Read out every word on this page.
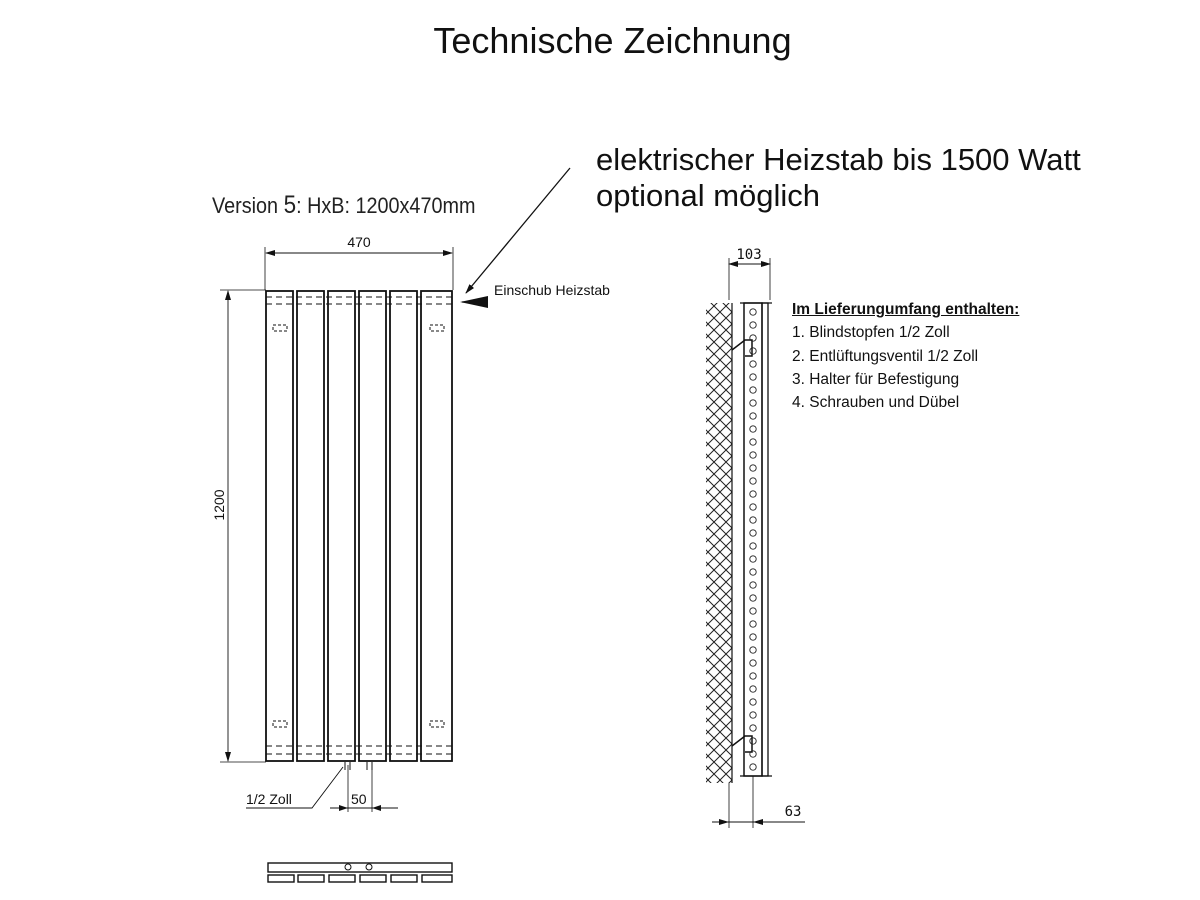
Technische Zeichnung
elektrischer Heizstab bis 1500 Watt
optional möglich
Version 5: HxB: 1200x470mm
Im Lieferungumfang enthalten:
1. Blindstopfen 1/2 Zoll
2. Entlüftungsventil 1/2 Zoll
3. Halter für Befestigung
4. Schrauben und Dübel
470
1200
Einschub Heizstab
1/2 Zoll	50
103
63
